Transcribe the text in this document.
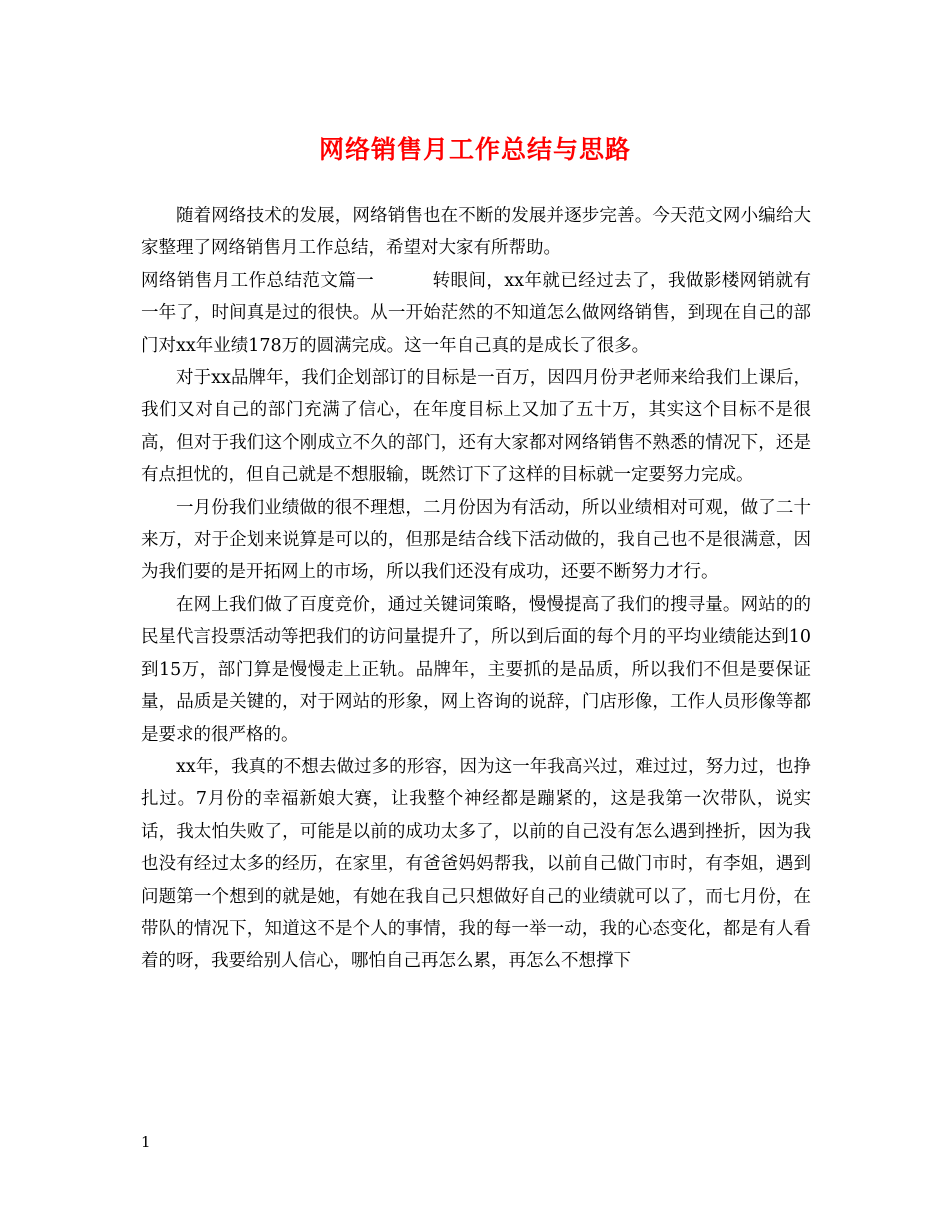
网络销售月工作总结与思路

随着网络技术的发展，网络销售也在不断的发展并逐步完善。今天范文网小编给大家整理了网络销售月工作总结，希望对大家有所帮助。

网络销售月工作总结范文篇一	转眼间，xx年就已经过去了，我做影楼网销就有一年了，时间真是过的很快。从一开始茫然的不知道怎么做网络销售，到现在自己的部门对xx年业绩178万的圆满完成。这一年自己真的是成长了很多。

对于xx品牌年，我们企划部订的目标是一百万，因四月份尹老师来给我们上课后，我们又对自己的部门充满了信心，在年度目标上又加了五十万，其实这个目标不是很高，但对于我们这个刚成立不久的部门，还有大家都对网络销售不熟悉的情况下，还是有点担忧的，但自己就是不想服输，既然订下了这样的目标就一定要努力完成。

一月份我们业绩做的很不理想，二月份因为有活动，所以业绩相对可观，做了二十来万，对于企划来说算是可以的，但那是结合线下活动做的，我自己也不是很满意，因为我们要的是开拓网上的市场，所以我们还没有成功，还要不断努力才行。

在网上我们做了百度竞价，通过关键词策略，慢慢提高了我们的搜寻量。网站的的民星代言投票活动等把我们的访问量提升了，所以到后面的每个月的平均业绩能达到10到15万，部门算是慢慢走上正轨。品牌年，主要抓的是品质，所以我们不但是要保证量，品质是关键的，对于网站的形象，网上咨询的说辞，门店形像，工作人员形像等都是要求的很严格的。

xx年，我真的不想去做过多的形容，因为这一年我高兴过，难过过，努力过，也挣扎过。7月份的幸福新娘大赛，让我整个神经都是蹦紧的，这是我第一次带队，说实话，我太怕失败了，可能是以前的成功太多了，以前的自己没有怎么遇到挫折，因为我也没有经过太多的经历，在家里，有爸爸妈妈帮我，以前自己做门市时，有李姐，遇到问题第一个想到的就是她，有她在我自己只想做好自己的业绩就可以了，而七月份，在带队的情况下，知道这不是个人的事情，我的每一举一动，我的心态变化，都是有人看着的呀，我要给别人信心，哪怕自己再怎么累，再怎么不想撑下

1
